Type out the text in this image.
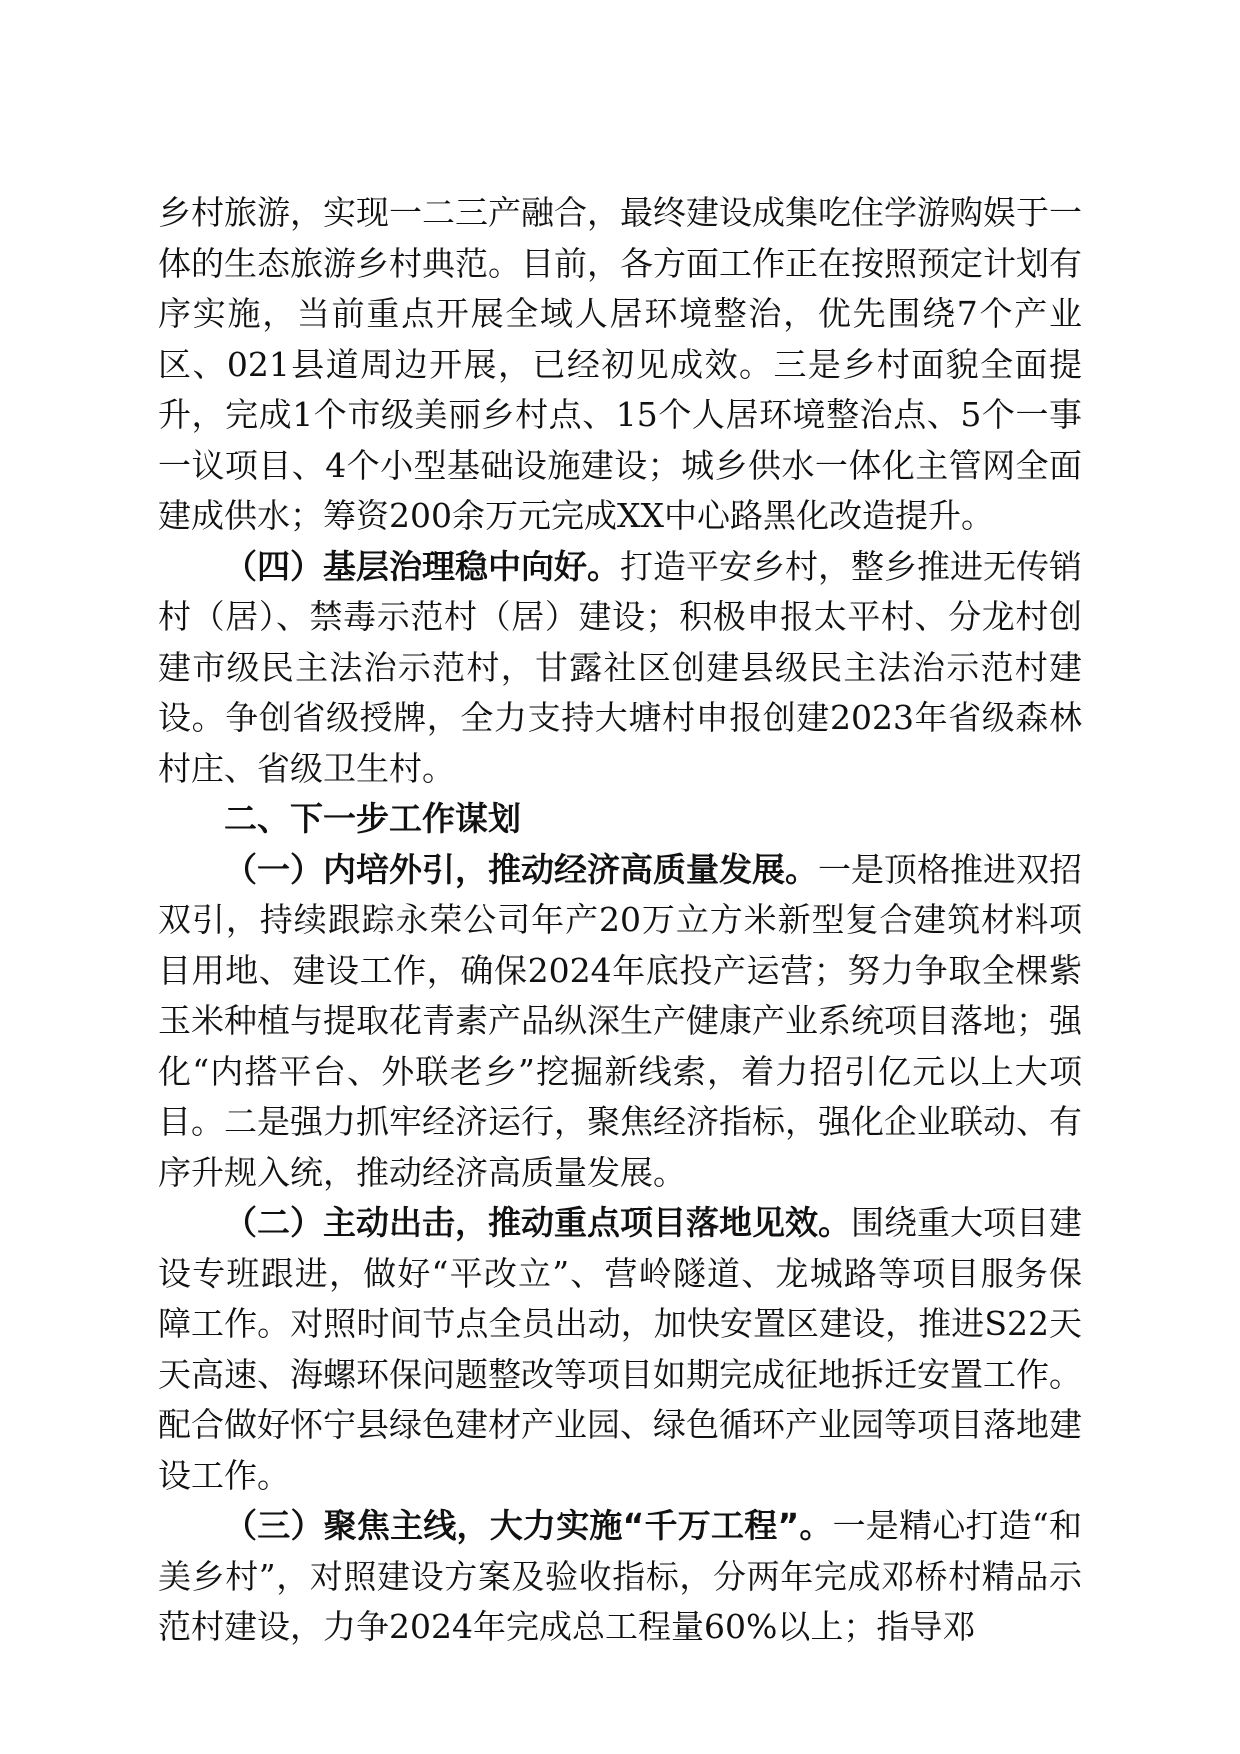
乡村旅游，实现一二三产融合，最终建设成集吃住学游购娱于一体的生态旅游乡村典范。目前，各方面工作正在按照预定计划有序实施，当前重点开展全域人居环境整治，优先围绕7个产业区、021县道周边开展，已经初见成效。三是乡村面貌全面提升，完成1个市级美丽乡村点、15个人居环境整治点、5个一事一议项目、4个小型基础设施建设；城乡供水一体化主管网全面建成供水；筹资200余万元完成XX中心路黑化改造提升。

（四）基层治理稳中向好。打造平安乡村，整乡推进无传销村（居）、禁毒示范村（居）建设；积极申报太平村、分龙村创建市级民主法治示范村，甘露社区创建县级民主法治示范村建设。争创省级授牌，全力支持大塘村申报创建2023年省级森林村庄、省级卫生村。

二、下一步工作谋划

（一）内培外引，推动经济高质量发展。一是顶格推进双招双引，持续跟踪永荣公司年产20万立方米新型复合建筑材料项目用地、建设工作，确保2024年底投产运营；努力争取全棵紫玉米种植与提取花青素产品纵深生产健康产业系统项目落地；强化“内搭平台、外联老乡”挖掘新线索，着力招引亿元以上大项目。二是强力抓牢经济运行，聚焦经济指标，强化企业联动、有序升规入统，推动经济高质量发展。

（二）主动出击，推动重点项目落地见效。围绕重大项目建设专班跟进，做好“平改立”、营岭隧道、龙城路等项目服务保障工作。对照时间节点全员出动，加快安置区建设，推进S22天天高速、海螺环保问题整改等项目如期完成征地拆迁安置工作。配合做好怀宁县绿色建材产业园、绿色循环产业园等项目落地建设工作。

（三）聚焦主线，大力实施“千万工程”。一是精心打造“和美乡村”，对照建设方案及验收指标，分两年完成邓桥村精品示范村建设，力争2024年完成总工程量60%以上；指导邓
